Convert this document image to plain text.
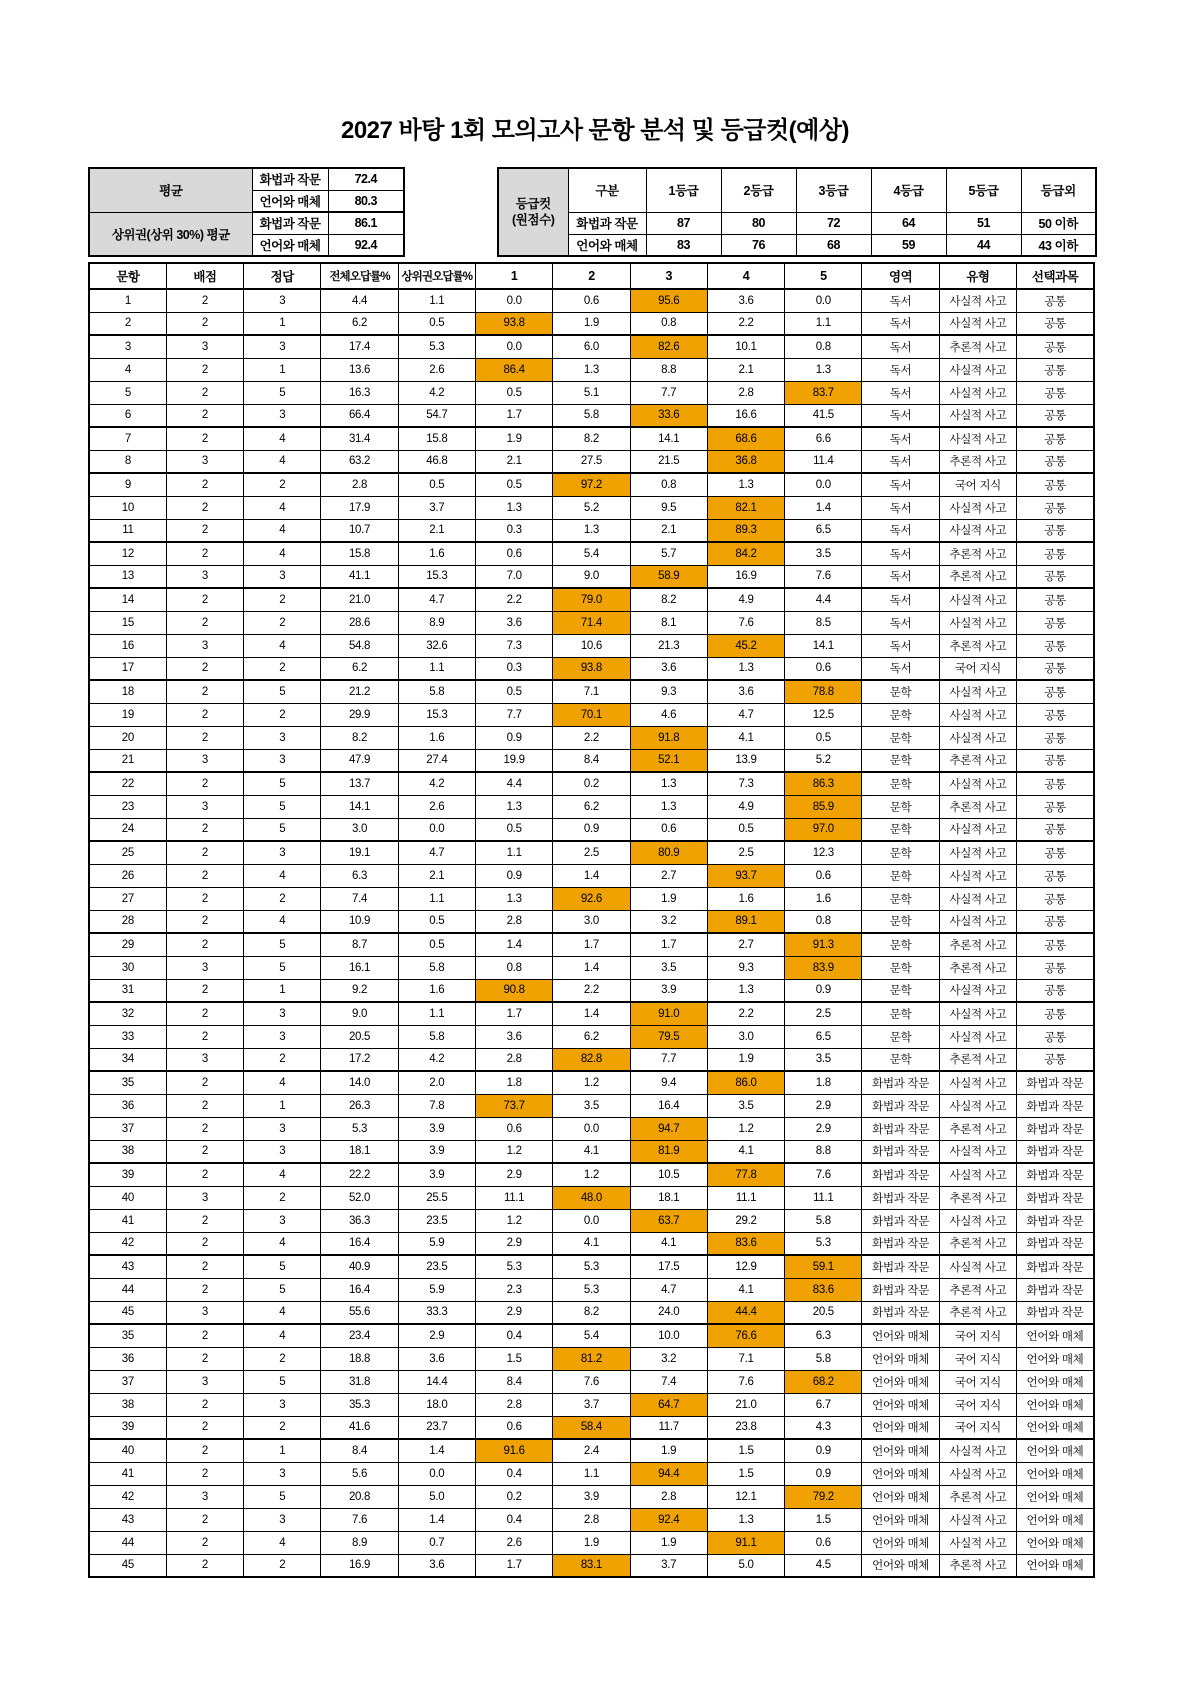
2027 바탕 1회 모의고사 문항 분석 및 등급컷(예상)
평균	화법과 작문	72.4
	언어와 매체	80.3
상위권(상위 30%) 평균	화법과 작문	86.1
	언어와 매체	92.4
등급컷
(원점수)	구분	1등급	2등급	3등급	4등급	5등급	등급외
	화법과 작문	87	80	72	64	51	50 이하
	언어와 매체	83	76	68	59	44	43 이하
문항	배점	정답	전체오답률%	상위권오답률%	1	2	3	4	5	영역	유형	선택과목
1	2	3	4.4	1.1	0.0	0.6	95.6	3.6	0.0	독서	사실적 사고	공통
2	2	1	6.2	0.5	93.8	1.9	0.8	2.2	1.1	독서	사실적 사고	공통
3	3	3	17.4	5.3	0.0	6.0	82.6	10.1	0.8	독서	추론적 사고	공통
4	2	1	13.6	2.6	86.4	1.3	8.8	2.1	1.3	독서	사실적 사고	공통
5	2	5	16.3	4.2	0.5	5.1	7.7	2.8	83.7	독서	사실적 사고	공통
6	2	3	66.4	54.7	1.7	5.8	33.6	16.6	41.5	독서	사실적 사고	공통
7	2	4	31.4	15.8	1.9	8.2	14.1	68.6	6.6	독서	사실적 사고	공통
8	3	4	63.2	46.8	2.1	27.5	21.5	36.8	11.4	독서	추론적 사고	공통
9	2	2	2.8	0.5	0.5	97.2	0.8	1.3	0.0	독서	국어 지식	공통
10	2	4	17.9	3.7	1.3	5.2	9.5	82.1	1.4	독서	사실적 사고	공통
11	2	4	10.7	2.1	0.3	1.3	2.1	89.3	6.5	독서	사실적 사고	공통
12	2	4	15.8	1.6	0.6	5.4	5.7	84.2	3.5	독서	추론적 사고	공통
13	3	3	41.1	15.3	7.0	9.0	58.9	16.9	7.6	독서	추론적 사고	공통
14	2	2	21.0	4.7	2.2	79.0	8.2	4.9	4.4	독서	사실적 사고	공통
15	2	2	28.6	8.9	3.6	71.4	8.1	7.6	8.5	독서	사실적 사고	공통
16	3	4	54.8	32.6	7.3	10.6	21.3	45.2	14.1	독서	추론적 사고	공통
17	2	2	6.2	1.1	0.3	93.8	3.6	1.3	0.6	독서	국어 지식	공통
18	2	5	21.2	5.8	0.5	7.1	9.3	3.6	78.8	문학	사실적 사고	공통
19	2	2	29.9	15.3	7.7	70.1	4.6	4.7	12.5	문학	사실적 사고	공통
20	2	3	8.2	1.6	0.9	2.2	91.8	4.1	0.5	문학	사실적 사고	공통
21	3	3	47.9	27.4	19.9	8.4	52.1	13.9	5.2	문학	추론적 사고	공통
22	2	5	13.7	4.2	4.4	0.2	1.3	7.3	86.3	문학	사실적 사고	공통
23	3	5	14.1	2.6	1.3	6.2	1.3	4.9	85.9	문학	추론적 사고	공통
24	2	5	3.0	0.0	0.5	0.9	0.6	0.5	97.0	문학	사실적 사고	공통
25	2	3	19.1	4.7	1.1	2.5	80.9	2.5	12.3	문학	사실적 사고	공통
26	2	4	6.3	2.1	0.9	1.4	2.7	93.7	0.6	문학	사실적 사고	공통
27	2	2	7.4	1.1	1.3	92.6	1.9	1.6	1.6	문학	사실적 사고	공통
28	2	4	10.9	0.5	2.8	3.0	3.2	89.1	0.8	문학	사실적 사고	공통
29	2	5	8.7	0.5	1.4	1.7	1.7	2.7	91.3	문학	추론적 사고	공통
30	3	5	16.1	5.8	0.8	1.4	3.5	9.3	83.9	문학	추론적 사고	공통
31	2	1	9.2	1.6	90.8	2.2	3.9	1.3	0.9	문학	사실적 사고	공통
32	2	3	9.0	1.1	1.7	1.4	91.0	2.2	2.5	문학	사실적 사고	공통
33	2	3	20.5	5.8	3.6	6.2	79.5	3.0	6.5	문학	사실적 사고	공통
34	3	2	17.2	4.2	2.8	82.8	7.7	1.9	3.5	문학	추론적 사고	공통
35	2	4	14.0	2.0	1.8	1.2	9.4	86.0	1.8	화법과 작문	사실적 사고	화법과 작문
36	2	1	26.3	7.8	73.7	3.5	16.4	3.5	2.9	화법과 작문	사실적 사고	화법과 작문
37	2	3	5.3	3.9	0.6	0.0	94.7	1.2	2.9	화법과 작문	추론적 사고	화법과 작문
38	2	3	18.1	3.9	1.2	4.1	81.9	4.1	8.8	화법과 작문	사실적 사고	화법과 작문
39	2	4	22.2	3.9	2.9	1.2	10.5	77.8	7.6	화법과 작문	사실적 사고	화법과 작문
40	3	2	52.0	25.5	11.1	48.0	18.1	11.1	11.1	화법과 작문	추론적 사고	화법과 작문
41	2	3	36.3	23.5	1.2	0.0	63.7	29.2	5.8	화법과 작문	사실적 사고	화법과 작문
42	2	4	16.4	5.9	2.9	4.1	4.1	83.6	5.3	화법과 작문	추론적 사고	화법과 작문
43	2	5	40.9	23.5	5.3	5.3	17.5	12.9	59.1	화법과 작문	사실적 사고	화법과 작문
44	2	5	16.4	5.9	2.3	5.3	4.7	4.1	83.6	화법과 작문	추론적 사고	화법과 작문
45	3	4	55.6	33.3	2.9	8.2	24.0	44.4	20.5	화법과 작문	추론적 사고	화법과 작문
35	2	4	23.4	2.9	0.4	5.4	10.0	76.6	6.3	언어와 매체	국어 지식	언어와 매체
36	2	2	18.8	3.6	1.5	81.2	3.2	7.1	5.8	언어와 매체	국어 지식	언어와 매체
37	3	5	31.8	14.4	8.4	7.6	7.4	7.6	68.2	언어와 매체	국어 지식	언어와 매체
38	2	3	35.3	18.0	2.8	3.7	64.7	21.0	6.7	언어와 매체	국어 지식	언어와 매체
39	2	2	41.6	23.7	0.6	58.4	11.7	23.8	4.3	언어와 매체	국어 지식	언어와 매체
40	2	1	8.4	1.4	91.6	2.4	1.9	1.5	0.9	언어와 매체	사실적 사고	언어와 매체
41	2	3	5.6	0.0	0.4	1.1	94.4	1.5	0.9	언어와 매체	사실적 사고	언어와 매체
42	3	5	20.8	5.0	0.2	3.9	2.8	12.1	79.2	언어와 매체	추론적 사고	언어와 매체
43	2	3	7.6	1.4	0.4	2.8	92.4	1.3	1.5	언어와 매체	사실적 사고	언어와 매체
44	2	4	8.9	0.7	2.6	1.9	1.9	91.1	0.6	언어와 매체	사실적 사고	언어와 매체
45	2	2	16.9	3.6	1.7	83.1	3.7	5.0	4.5	언어와 매체	추론적 사고	언어와 매체
